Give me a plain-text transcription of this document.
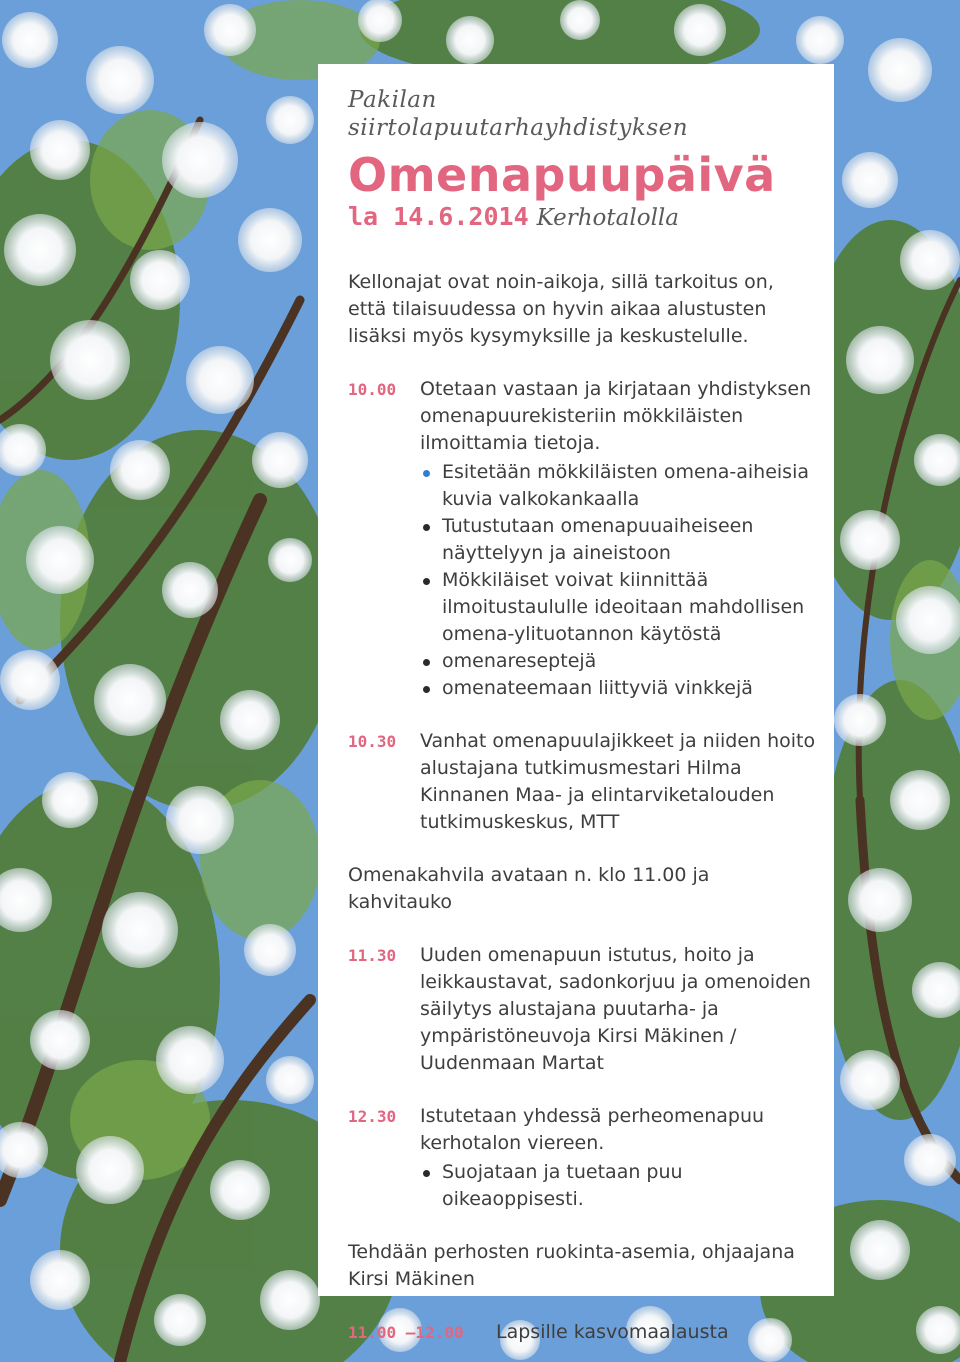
Pakilan
siirtolapuutarhayhdistyksen
Omenapuupäivä
la 14.6.2014 Kerhotalolla
Kellonajat ovat noin-aikoja, sillä tarkoitus on, että tilaisuudessa on hyvin aikaa alustusten lisäksi myös kysymyksille ja keskustelulle.
10.00	Otetaan vastaan ja kirjataan yhdistyksen omenapuurekisteriin mökkiläisten ilmoittamia tietoja.
Esitetään mökkiläisten omena-aiheisia kuvia valkokankaalla
Tutustutaan omenapuuaiheiseen näyttelyyn ja aineistoon
Mökkiläiset voivat kiinnittää ilmoitustaululle ideoitaan mahdollisen omena-ylituotannon käytöstä
omenareseptejä
omenateemaan liittyviä vinkkejä
10.30	Vanhat omenapuulajikkeet ja niiden hoito alustajana tutkimusmestari Hilma Kinnanen Maa- ja elintarviketalouden tutkimuskeskus, MTT
Omenakahvila avataan n. klo 11.00 ja kahvitauko
11.30	Uuden omenapuun istutus, hoito ja leikkaustavat, sadonkorjuu ja omenoiden säilytys alustajana puutarha- ja ympäristöneuvoja Kirsi Mäkinen / Uudenmaan Martat
12.30	Istutetaan yhdessä perheomenapuu kerhotalon viereen.
Suojataan ja tuetaan puu oikeaoppisesti.
Tehdään perhosten ruokinta-asemia, ohjaajana Kirsi Mäkinen
11.00 –12.00	Lapsille kasvomaalausta
